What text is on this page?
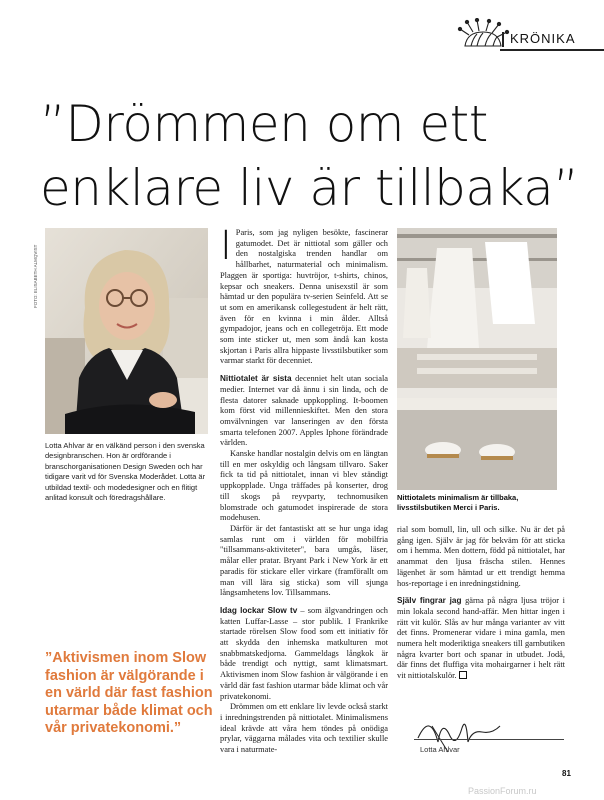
KRÖNIKA
”Drömmen om ett
enklare liv är tillbaka”
FOTO: ELISABETH ALMQVIST
Lotta Ahlvar är en välkänd person i den svenska designbranschen. Hon är ordförande i branschorganisationen Design Sweden och har tidigare varit vd för Svenska Moderådet. Lotta är utbildad textil- och modedesigner och en flitigt anlitad konsult och föredragshållare.
”Aktivismen inom Slow fashion är välgörande i en värld där fast fashion utarmar både klimat och vår privatekonomi.”

I Paris, som jag nyligen besökte, fascinerar gatumodet. Det är nittiotal som gäller och den nostalgiska trenden handlar om hållbarhet, naturmaterial och minimalism. Plaggen är sportiga: huvtröjor, t-shirts, chinos, kepsar och sneakers. Denna unisexstil är som hämtad ur den populära tv-serien Seinfeld. Att se ut som en amerikansk collegestudent är helt rätt, även för en kvinna i min ålder. Alltså gympadojor, jeans och en collegetröja. Ett mode som inte sticker ut, men som ändå kan kosta skjortan i Paris allra hippaste livsstilsbutiker som varmar starkt för decenniet.

Nittiotalet är sista decenniet helt utan sociala medier. Internet var då ännu i sin linda, och de flesta datorer saknade uppkoppling. It-boomen kom först vid millennieskiftet. Men den stora omvälvningen var lanseringen av den första smarta telefonen 2007. Apples Iphone förändrade världen.

Kanske handlar nostalgin delvis om en längtan till en mer oskyldig och långsam tillvaro. Saker fick ta tid på nittiotalet, innan vi blev ständigt uppkopplade. Unga träffades på konserter, drog till skogs på reyvparty, technomusiken blomstrade och gatumodet inspirerade de stora modehusen.

Därför är det fantastiskt att se hur unga idag samlas runt om i världen för mobilfria "tillsammans-aktiviteter", bara umgås, läser, målar eller pratar. Bryant Park i New York är ett paradis för stickare eller virkare (framförallt om man vill lära sig sticka) som vill sjunga långsamhetens lov. Tillsammans.

Idag lockar Slow tv – som älgvandringen och katten Luffar-Lasse – stor publik. I Frankrike startade rörelsen Slow food som ett initiativ för att skydda den inhemska matkulturen mot snabbmatskedjorna. Gammeldags långkok är både trendigt och nyttigt, samt klimatsmart. Aktivismen inom Slow fashion är välgörande i en värld där fast fashion utarmar både klimat och vår privatekonomi.

Drömmen om ett enklare liv levde också starkt i inredningstrenden på nittiotalet. Minimalismens ideal krävde att våra hem töndes på onödiga prylar, väggarna målades vita och textilier skulle vara i naturmate-

Nittiotalets minimalism är tillbaka, livsstilsbutiken Merci i Paris.

rial som bomull, lin, ull och silke. Nu är det på gång igen. Själv är jag för bekväm för att sticka om i hemma. Men dottern, född på nittiotalet, har anammat den ljusa fräscha stilen. Hennes lägenhet är som hämtad ur ett trendigt hemma hos-reportage i en inredningstidning.

Själv fingrar jag gärna på några ljusa tröjor i min lokala second hand-affär. Men hittar ingen i rätt vit kulör. Slås av hur många varianter av vitt det finns. Promenerar vidare i mina gamla, men numera helt moderiktiga sneakers till garnbutiken några kvarter bort och spanar in utbudet. Jodå, där finns det fluffiga vita mohairgarner i helt rätt vit nittiotalskulör.

Lotta Ahlvar
81
PassionForum.ru
